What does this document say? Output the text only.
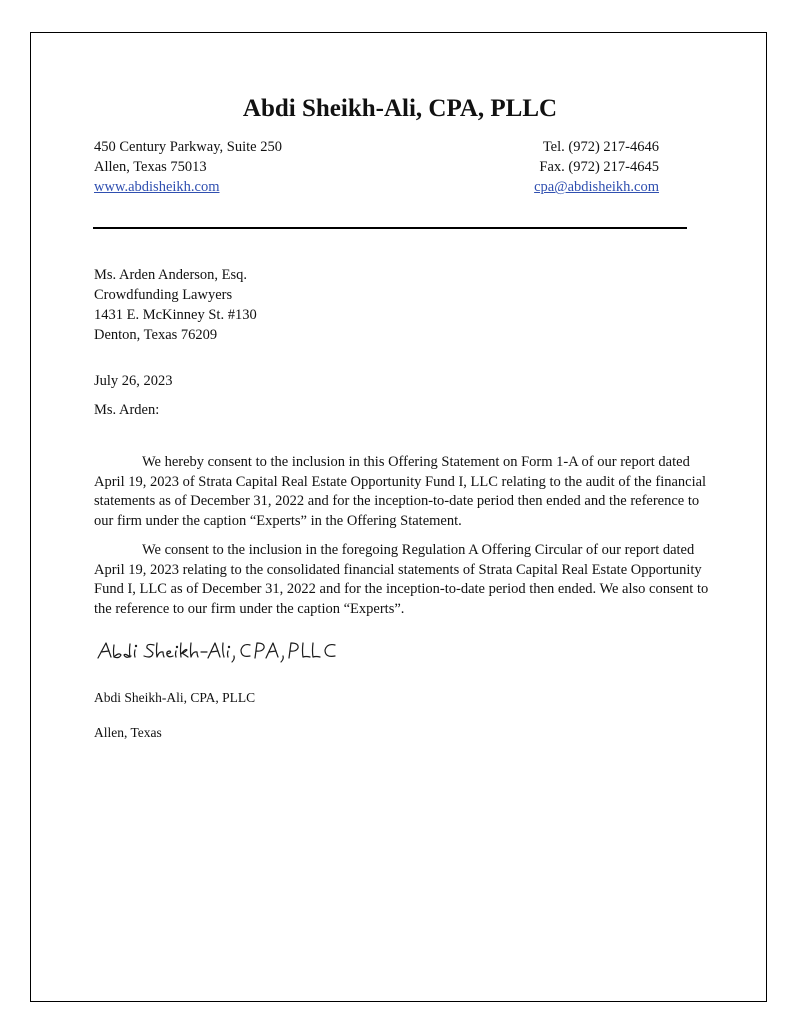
Abdi Sheikh-Ali, CPA, PLLC
450 Century Parkway, Suite 250
Allen, Texas 75013
www.abdisheikh.com
Tel. (972) 217-4646
Fax. (972) 217-4645
cpa@abdisheikh.com
Ms. Arden Anderson, Esq.
Crowdfunding Lawyers
1431 E. McKinney St. #130
Denton, Texas 76209
July 26, 2023
Ms. Arden:

We hereby consent to the inclusion in this Offering Statement on Form 1-A of our report dated April 19, 2023 of Strata Capital Real Estate Opportunity Fund I, LLC relating to the audit of the financial statements as of December 31, 2022 and for the inception-to-date period then ended and the reference to our firm under the caption “Experts” in the Offering Statement.

We consent to the inclusion in the foregoing Regulation A Offering Circular of our report dated April 19, 2023 relating to the consolidated financial statements of Strata Capital Real Estate Opportunity Fund I, LLC as of December 31, 2022 and for the inception-to-date period then ended. We also consent to the reference to our firm under the caption “Experts”.

Abdi Sheikh-Ali, CPA, PLLC
Allen, Texas
